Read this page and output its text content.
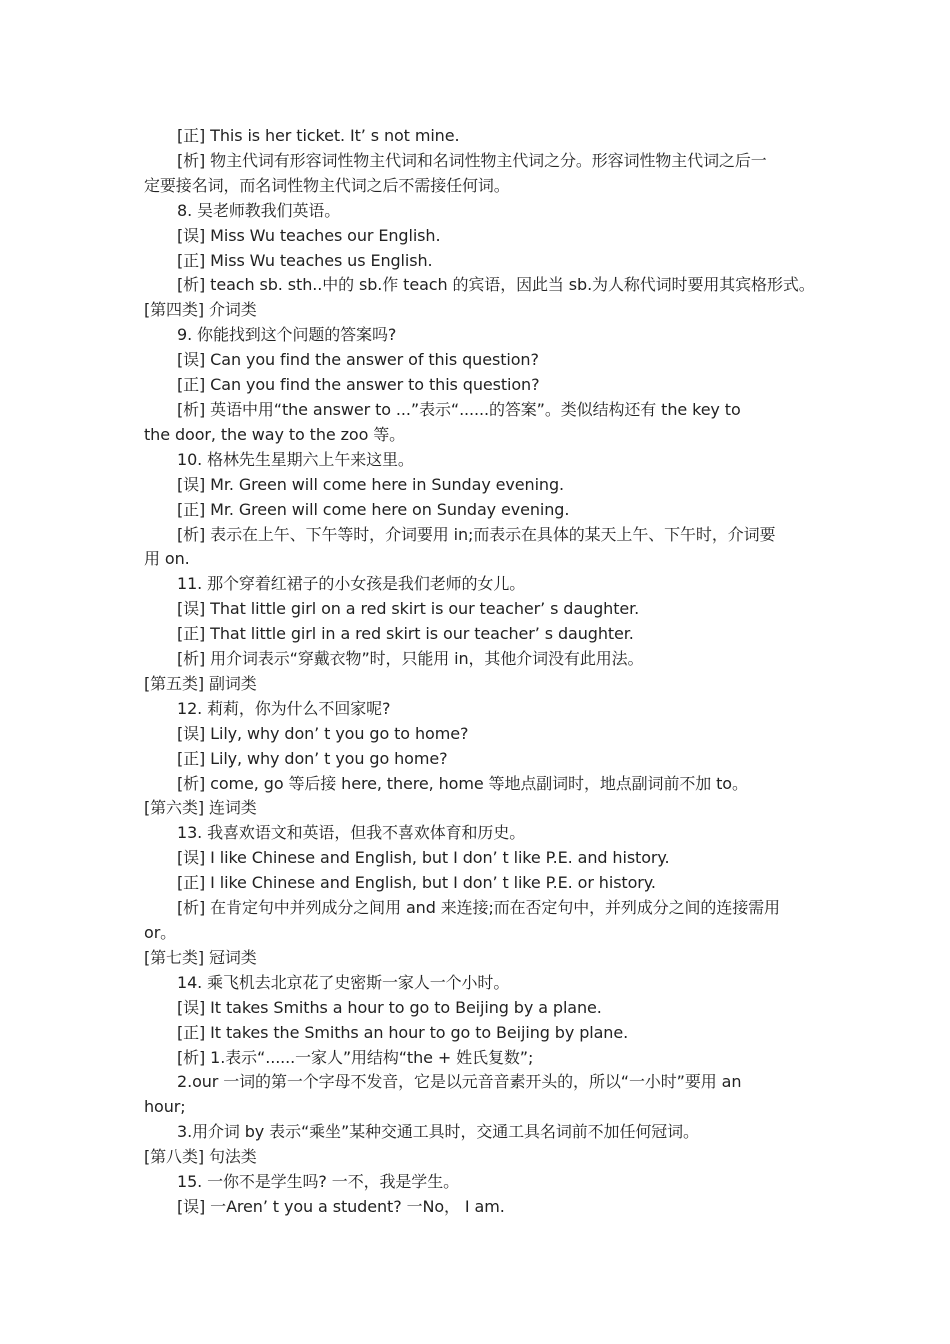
[正] This is her ticket. It’ s not mine.
[析] 物主代词有形容词性物主代词和名词性物主代词之分。形容词性物主代词之后一
定要接名词，而名词性物主代词之后不需接任何词。
8. 吴老师教我们英语。
[误] Miss Wu teaches our English.
[正] Miss Wu teaches us English.
[析] teach sb. sth..中的 sb.作 teach 的宾语，因此当 sb.为人称代词时要用其宾格形式。
[第四类] 介词类
9. 你能找到这个问题的答案吗?
[误] Can you find the answer of this question?
[正] Can you find the answer to this question?
[析] 英语中用“the answer to ...”表示“......的答案”。类似结构还有 the key to
the door, the way to the zoo 等。
10. 格林先生星期六上午来这里。
[误] Mr. Green will come here in Sunday evening.
[正] Mr. Green will come here on Sunday evening.
[析] 表示在上午、下午等时，介词要用 in;而表示在具体的某天上午、下午时，介词要
用 on.
11. 那个穿着红裙子的小女孩是我们老师的女儿。
[误] That little girl on a red skirt is our teacher’ s daughter.
[正] That little girl in a red skirt is our teacher’ s daughter.
[析] 用介词表示“穿戴衣物”时，只能用 in，其他介词没有此用法。
[第五类] 副词类
12. 莉莉，你为什么不回家呢?
[误] Lily, why don’ t you go to home?
[正] Lily, why don’ t you go home?
[析] come, go 等后接 here, there, home 等地点副词时，地点副词前不加 to。
[第六类] 连词类
13. 我喜欢语文和英语，但我不喜欢体育和历史。
[误] I like Chinese and English, but I don’ t like P.E. and history.
[正] I like Chinese and English, but I don’ t like P.E. or history.
[析] 在肯定句中并列成分之间用 and 来连接;而在否定句中，并列成分之间的连接需用
or。
[第七类] 冠词类
14. 乘飞机去北京花了史密斯一家人一个小时。
[误] It takes Smiths a hour to go to Beijing by a plane.
[正] It takes the Smiths an hour to go to Beijing by plane.
[析] 1.表示“......一家人”用结构“the + 姓氏复数”;
2.our 一词的第一个字母不发音，它是以元音音素开头的，所以“一小时”要用 an
hour;
3.用介词 by 表示“乘坐”某种交通工具时，交通工具名词前不加任何冠词。
[第八类] 句法类
15. 一你不是学生吗? 一不，我是学生。
[误] 一Aren’ t you a student? 一No， I am.
